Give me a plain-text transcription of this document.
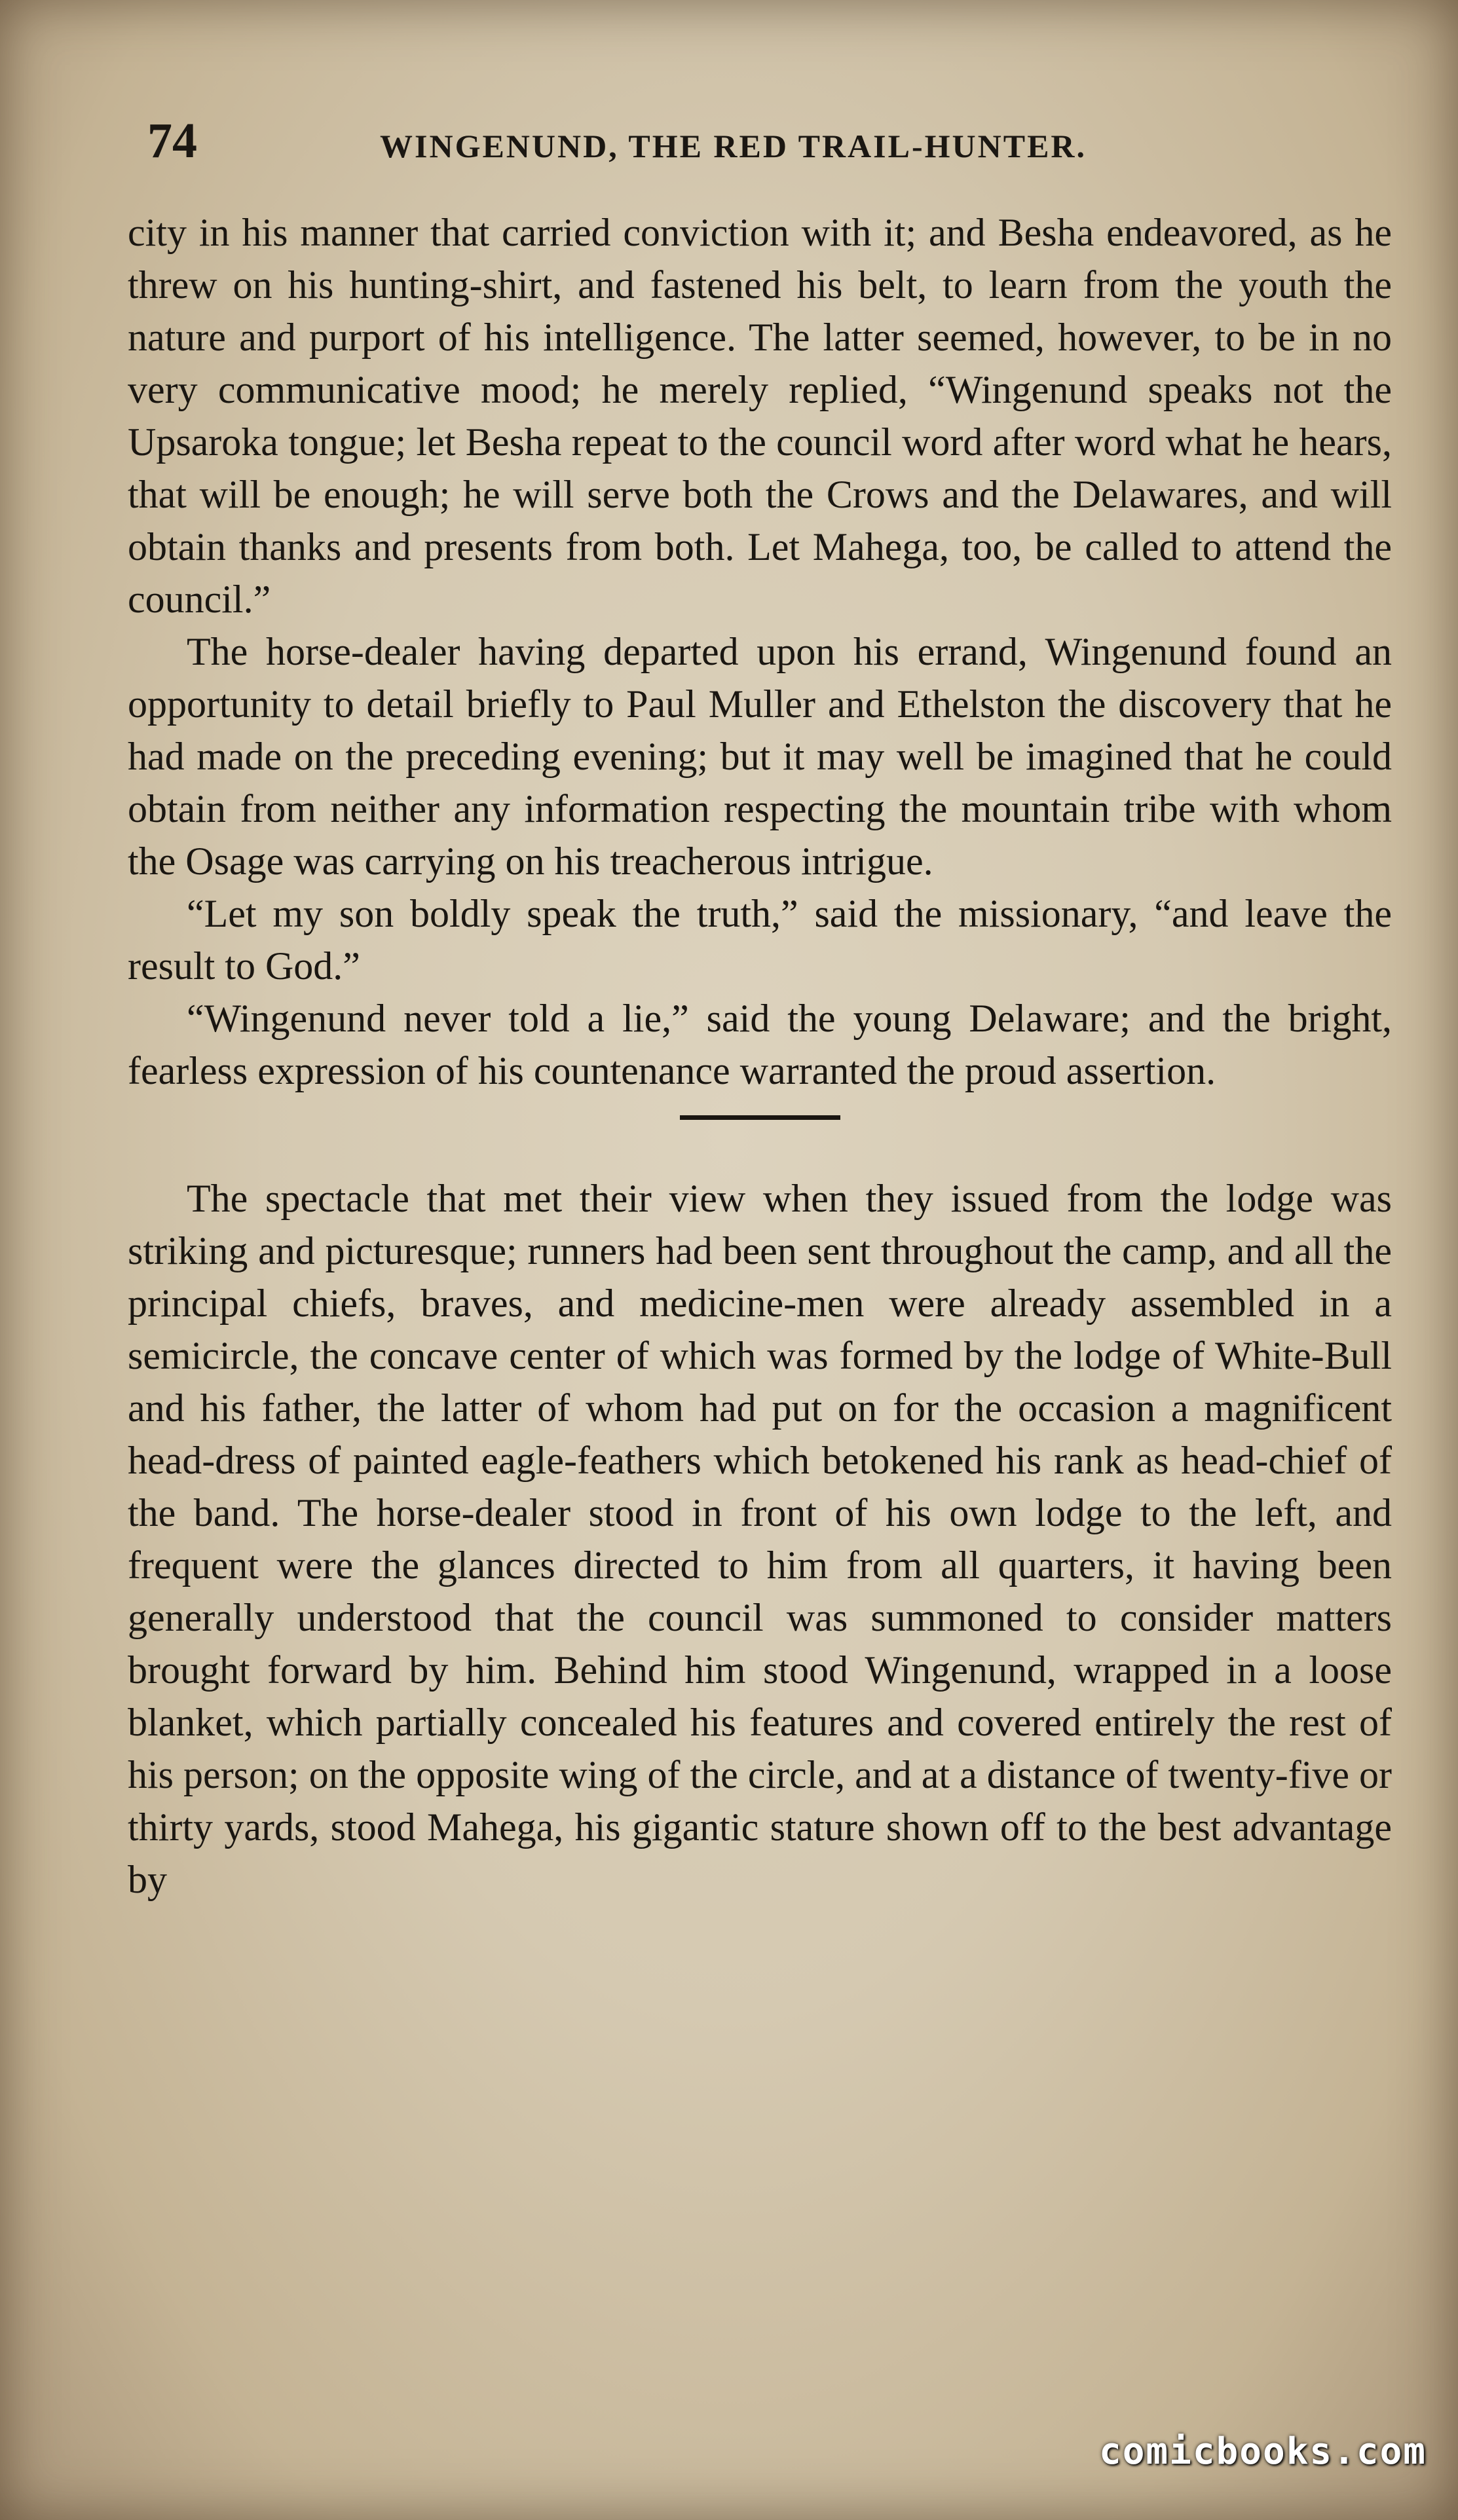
74	WINGENUND, THE RED TRAIL-HUNTER.

city in his manner that carried conviction with it; and Besha endeavored, as he threw on his hunting-shirt, and fastened his belt, to learn from the youth the nature and purport of his intelligence. The latter seemed, however, to be in no very communicative mood; he merely replied, “Wingenund speaks not the Upsaroka tongue; let Besha repeat to the council word after word what he hears, that will be enough; he will serve both the Crows and the Delawares, and will obtain thanks and presents from both. Let Mahega, too, be called to attend the council.”

The horse-dealer having departed upon his errand, Wingenund found an opportunity to detail briefly to Paul Muller and Ethelston the discovery that he had made on the preceding evening; but it may well be imagined that he could obtain from neither any information respecting the mountain tribe with whom the Osage was carrying on his treacherous intrigue.

“Let my son boldly speak the truth,” said the missionary, “and leave the result to God.”

“Wingenund never told a lie,” said the young Delaware; and the bright, fearless expression of his countenance warranted the proud assertion.

The spectacle that met their view when they issued from the lodge was striking and picturesque; runners had been sent throughout the camp, and all the principal chiefs, braves, and medicine-men were already assembled in a semicircle, the concave center of which was formed by the lodge of White-Bull and his father, the latter of whom had put on for the occasion a magnificent head-dress of painted eagle-feathers which betokened his rank as head-chief of the band. The horse-dealer stood in front of his own lodge to the left, and frequent were the glances directed to him from all quarters, it having been generally understood that the council was summoned to consider matters brought forward by him. Behind him stood Wingenund, wrapped in a loose blanket, which partially concealed his features and covered entirely the rest of his person; on the opposite wing of the circle, and at a distance of twenty-five or thirty yards, stood Mahega, his gigantic stature shown off to the best advantage by

comicbooks.com
